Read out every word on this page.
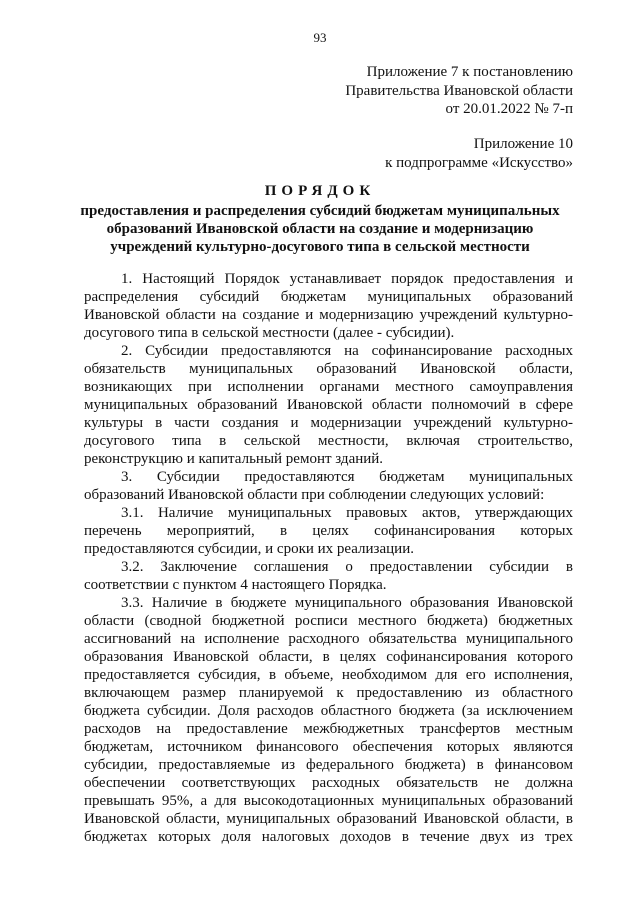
93
Приложение 7 к постановлению
Правительства Ивановской области
от 20.01.2022 № 7-п
Приложение 10
к подпрограмме «Искусство»
ПОРЯДОК
предоставления и распределения субсидий бюджетам муниципальных
образований Ивановской области на создание и модернизацию
учреждений культурно-досугового типа в сельской местности

1. Настоящий Порядок устанавливает порядок предоставления и распределения субсидий бюджетам муниципальных образований Ивановской области на создание и модернизацию учреждений культурно-досугового типа в сельской местности (далее - субсидии).

2. Субсидии предоставляются на софинансирование расходных обязательств муниципальных образований Ивановской области, возникающих при исполнении органами местного самоуправления муниципальных образований Ивановской области полномочий в сфере культуры в части создания и модернизации учреждений культурно-досугового типа в сельской местности, включая строительство, реконструкцию и капитальный ремонт зданий.

3. Субсидии предоставляются бюджетам муниципальных образований Ивановской области при соблюдении следующих условий:

3.1. Наличие муниципальных правовых актов, утверждающих перечень мероприятий, в целях софинансирования которых предоставляются субсидии, и сроки их реализации.

3.2. Заключение соглашения о предоставлении субсидии в соответствии с пунктом 4 настоящего Порядка.

3.3. Наличие в бюджете муниципального образования Ивановской области (сводной бюджетной росписи местного бюджета) бюджетных ассигнований на исполнение расходного обязательства муниципального образования Ивановской области, в целях софинансирования которого предоставляется субсидия, в объеме, необходимом для его исполнения, включающем размер планируемой к предоставлению из областного бюджета субсидии. Доля расходов областного бюджета (за исключением расходов на предоставление межбюджетных трансфертов местным бюджетам, источником финансового обеспечения которых являются субсидии, предоставляемые из федерального бюджета) в финансовом обеспечении соответствующих расходных обязательств не должна превышать 95%, а для высокодотационных муниципальных образований Ивановской области, муниципальных образований Ивановской области, в бюджетах которых доля налоговых доходов в течение двух из трех
